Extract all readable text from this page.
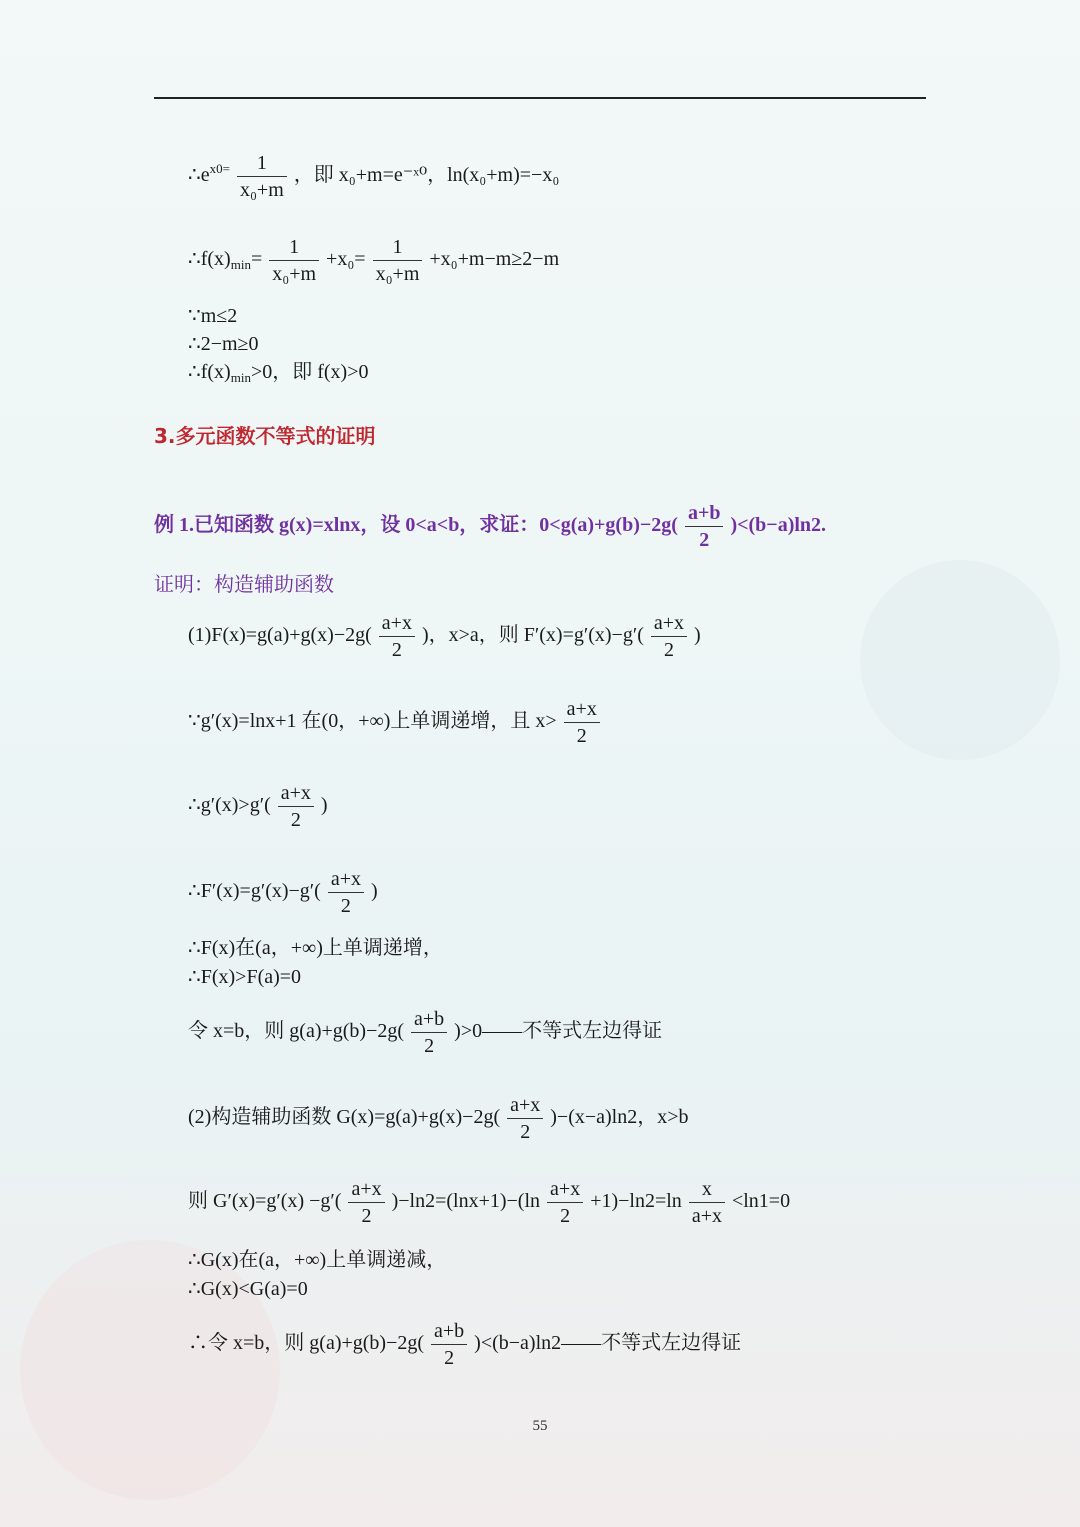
$\therefore e^{x0=} \frac{1}{\text{x₀+m}}$ ，即 x₀+m=e⁻ˣ⁰，ln(x₀+m)=−x₀
$\therefore f(x)_{min}= \frac{1}{\text{x₀+m}} +x_0= \frac{1}{\text{x₀+m}} +x_0+m-m\ge 2-m$
∵m≤2
∴2−m≥0
$\therefore f(x)_{min}>0$，即 f(x)>0
3.多元函数不等式的证明
例 1.已知函数 g(x)=xlnx，设 0<a<b，求证：$0<g(a)+g(b)-2g( \frac{a+b}{2} )<(b-a)\ln 2$.
证明：构造辅助函数
$(1)F(x)=g(a)+g(x)-2g( \frac{a+x}{2}$ )，x>a，则 $F'(x)=g'(x)-g'( \frac{a+x}{2}$ )
∵g′(x)=lnx+1 在(0，+∞)上单调递增，且 $x> \frac{a+x}{2}$
∴g′(x)>g′( $\frac{a+x}{2}$ )
∴F′(x)=g′(x)−g′( $\frac{a+x}{2}$ )
∴F(x)在(a，+∞)上单调递增，
∴F(x)>F(a)=0
令 x=b，则 $g(a)+g(b)-2g( \frac{a+b}{2}$ )>0——不等式左边得证
(2)构造辅助函数 $G(x)=g(a)+g(x)-2g( \frac{a+x}{2} )-(x-a)\ln 2$，x>b
则 $G'(x)=g'(x) -g'( \frac{a+x}{2} )-\ln 2=(\ln x+1)-(\ln \frac{a+x}{2} +1)-\ln 2=\ln \frac{x}{a+x} <\ln 1=0$
∴G(x)在(a，+∞)上单调递减，
∴G(x)<G(a)=0
∴令 x=b，则 $g(a)+g(b)-2g( \frac{a+b}{2}$ )<(b−a)ln2——不等式左边得证
55
